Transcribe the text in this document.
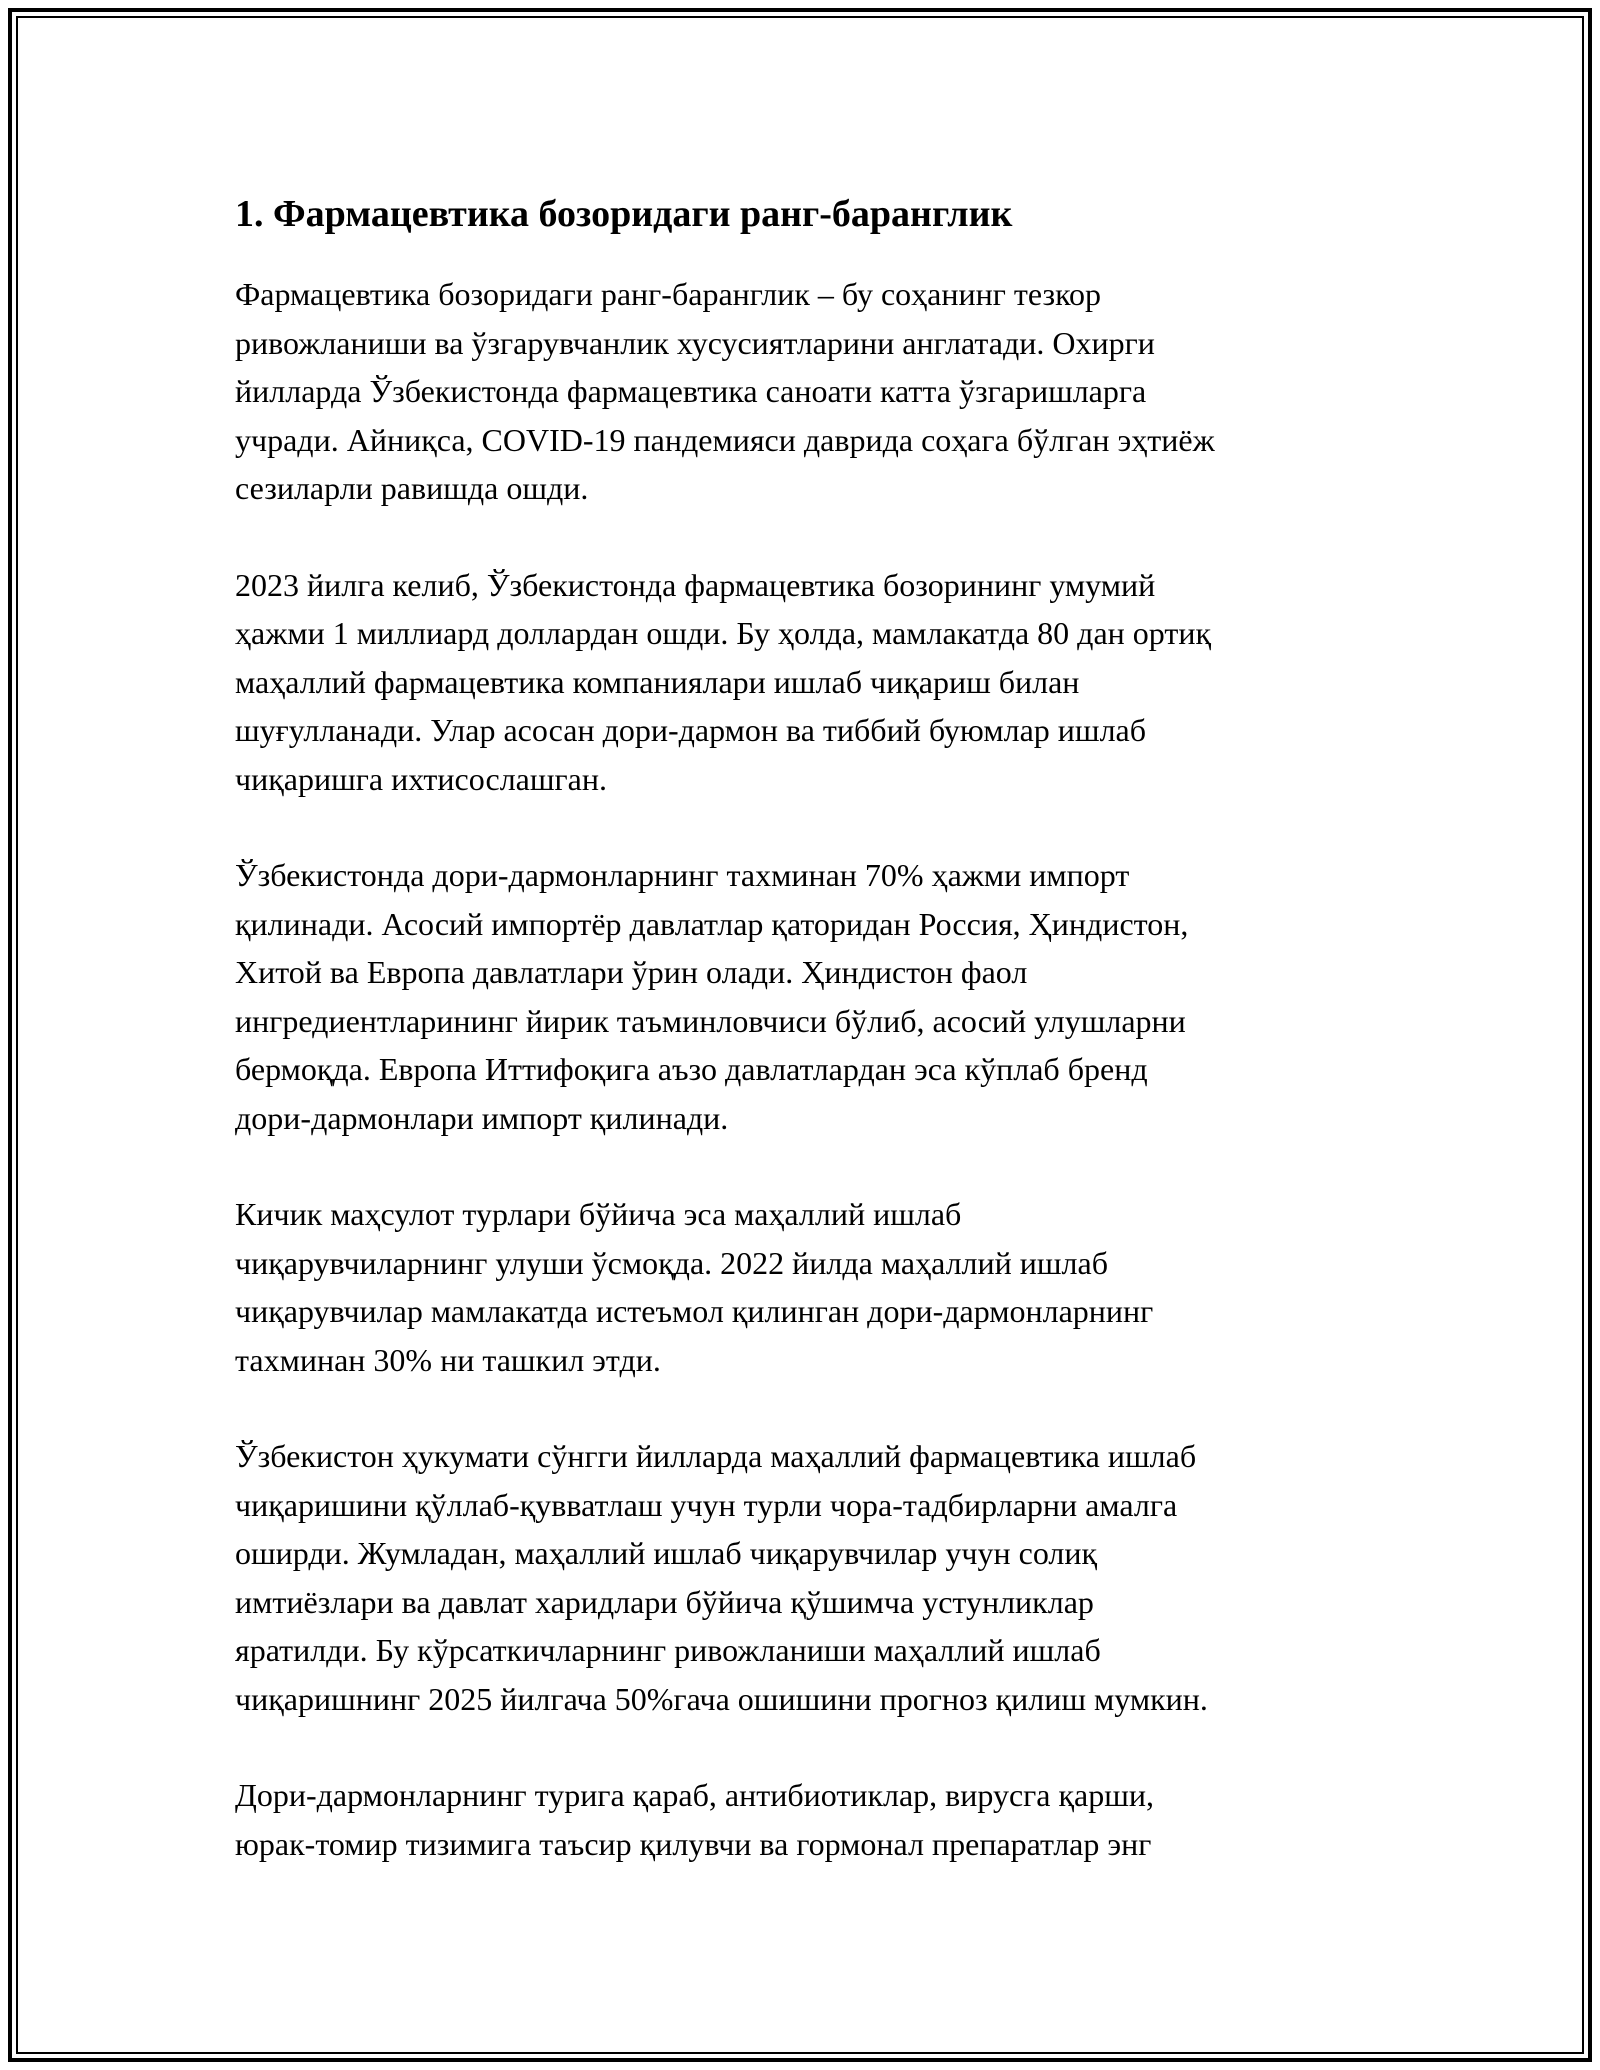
1. Фармацевтика бозоридаги ранг-баранглик

Фармацевтика бозоридаги ранг-баранглик – бу соҳанинг тезкор
ривожланиши ва ўзгарувчанлик хусусиятларини англатади. Охирги
йилларда Ўзбекистонда фармацевтика саноати катта ўзгаришларга
учради. Айниқса, COVID-19 пандемияси даврида соҳага бўлган эҳтиёж
сезиларли равишда ошди.

2023 йилга келиб, Ўзбекистонда фармацевтика бозорининг умумий
ҳажми 1 миллиард доллардан ошди. Бу ҳолда, мамлакатда 80 дан ортиқ
маҳаллий фармацевтика компаниялари ишлаб чиқариш билан
шуғулланади. Улар асосан дори-дармон ва тиббий буюмлар ишлаб
чиқаришга ихтисослашган.

Ўзбекистонда дори-дармонларнинг тахминан 70% ҳажми импорт
қилинади. Асосий импортёр давлатлар қаторидан Россия, Ҳиндистон,
Хитой ва Европа давлатлари ўрин олади. Ҳиндистон фаол
ингредиентларининг йирик таъминловчиси бўлиб, асосий улушларни
бермоқда. Европа Иттифоқига аъзо давлатлардан эса кўплаб бренд
дори-дармонлари импорт қилинади.

Кичик маҳсулот турлари бўйича эса маҳаллий ишлаб
чиқарувчиларнинг улуши ўсмоқда. 2022 йилда маҳаллий ишлаб
чиқарувчилар мамлакатда истеъмол қилинган дори-дармонларнинг
тахминан 30% ни ташкил этди.

Ўзбекистон ҳукумати сўнгги йилларда маҳаллий фармацевтика ишлаб
чиқаришини қўллаб-қувватлаш учун турли чора-тадбирларни амалга
оширди. Жумладан, маҳаллий ишлаб чиқарувчилар учун солиқ
имтиёзлари ва давлат харидлари бўйича қўшимча устунликлар
яратилди. Бу кўрсаткичларнинг ривожланиши маҳаллий ишлаб
чиқаришнинг 2025 йилгача 50%гача ошишини прогноз қилиш мумкин.

Дори-дармонларнинг турига қараб, антибиотиклар, вирусга қарши,
юрак-томир тизимига таъсир қилувчи ва гормонал препаратлар энг
